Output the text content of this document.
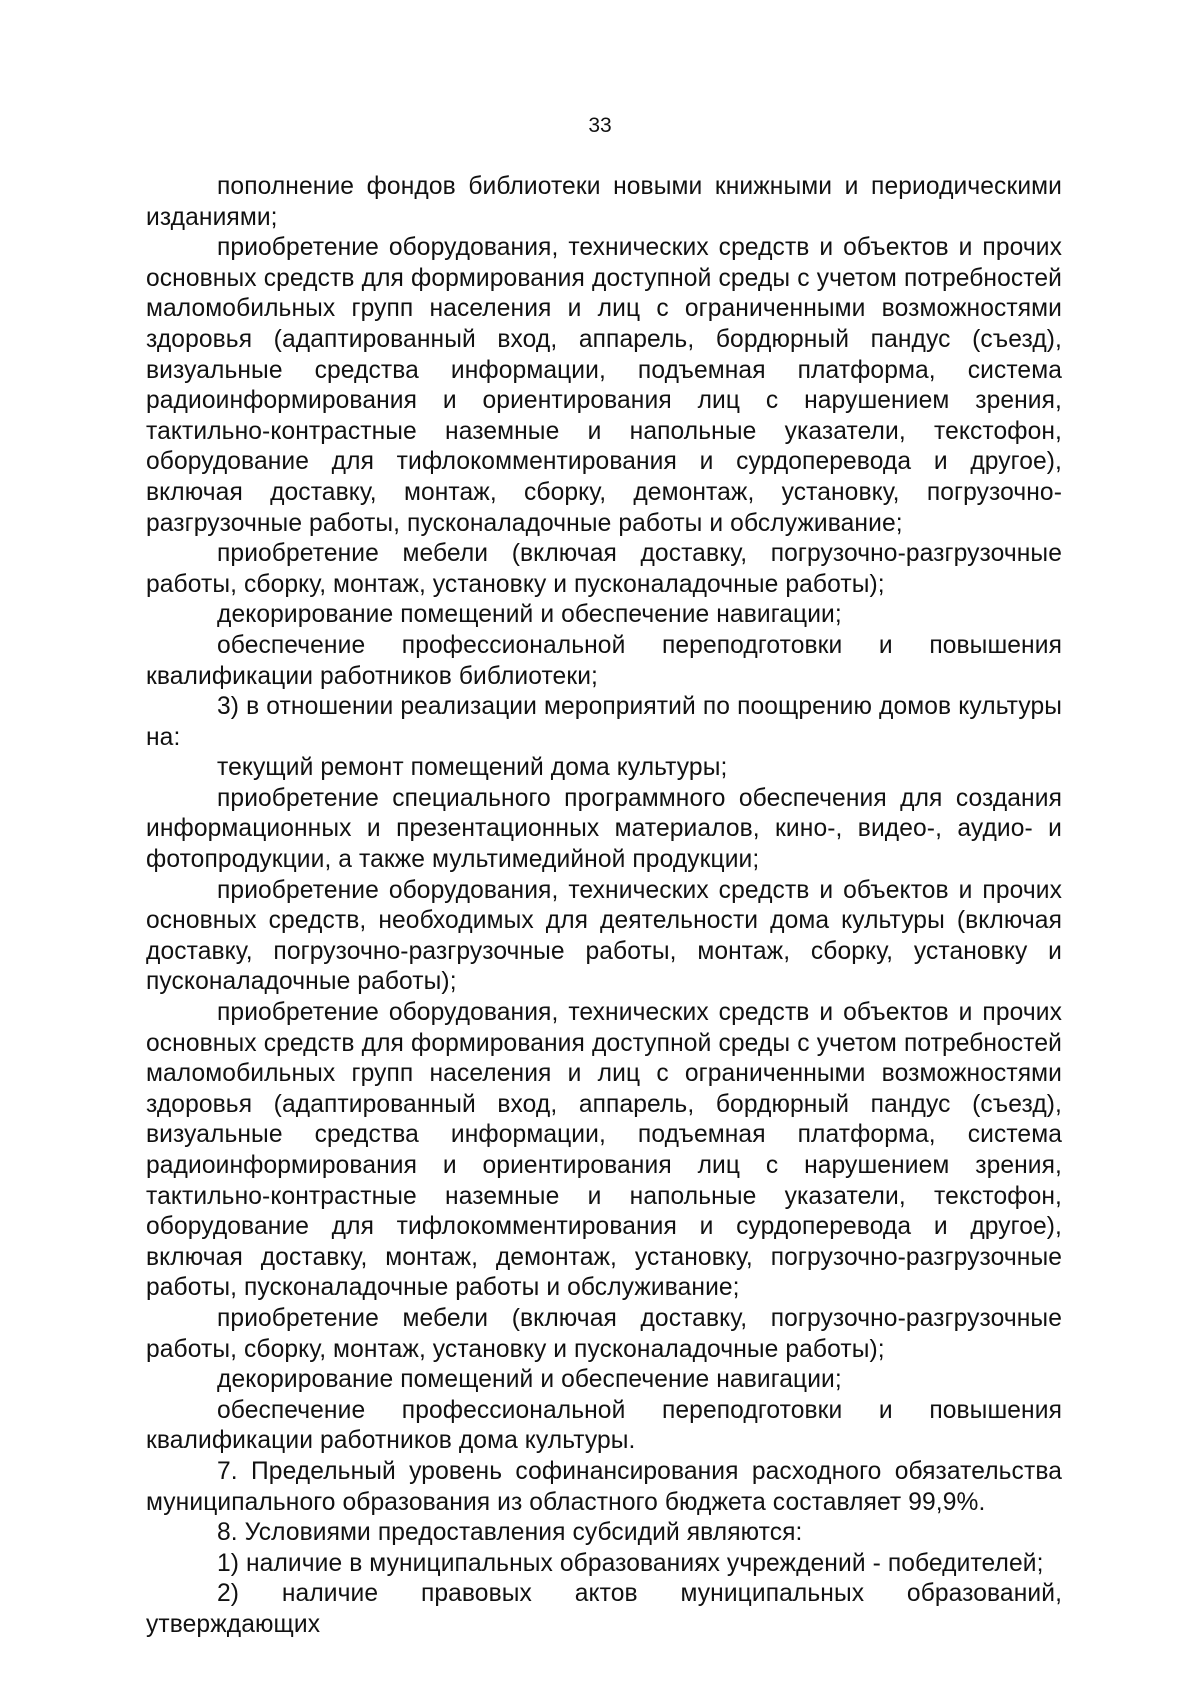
33

пополнение фондов библиотеки новыми книжными и периодическими изданиями;

приобретение оборудования, технических средств и объектов и прочих основных средств для формирования доступной среды с учетом потребностей маломобильных групп населения и лиц с ограниченными возможностями здоровья (адаптированный вход, аппарель, бордюрный пандус (съезд), визуальные средства информации, подъемная платформа, система радиоинформирования и ориентирования лиц с нарушением зрения, тактильно-контрастные наземные и напольные указатели, текстофон, оборудование для тифлокомментирования и сурдоперевода и другое), включая доставку, монтаж, сборку, демонтаж, установку, погрузочно-разгрузочные работы, пусконаладочные работы и обслуживание;

приобретение мебели (включая доставку, погрузочно-разгрузочные работы, сборку, монтаж, установку и пусконаладочные работы);

декорирование помещений и обеспечение навигации;

обеспечение профессиональной переподготовки и повышения квалификации работников библиотеки;

3) в отношении реализации мероприятий по поощрению домов культуры на:

текущий ремонт помещений дома культуры;

приобретение специального программного обеспечения для создания информационных и презентационных материалов, кино-, видео-, аудио- и фотопродукции, а также мультимедийной продукции;

приобретение оборудования, технических средств и объектов и прочих основных средств, необходимых для деятельности дома культуры (включая доставку, погрузочно-разгрузочные работы, монтаж, сборку, установку и пусконаладочные работы);

приобретение оборудования, технических средств и объектов и прочих основных средств для формирования доступной среды с учетом потребностей маломобильных групп населения и лиц с ограниченными возможностями здоровья (адаптированный вход, аппарель, бордюрный пандус (съезд), визуальные средства информации, подъемная платформа, система радиоинформирования и ориентирования лиц с нарушением зрения, тактильно-контрастные наземные и напольные указатели, текстофон, оборудование для тифлокомментирования и сурдоперевода и другое), включая доставку, монтаж, демонтаж, установку, погрузочно-разгрузочные работы, пусконаладочные работы и обслуживание;

приобретение мебели (включая доставку, погрузочно-разгрузочные работы, сборку, монтаж, установку и пусконаладочные работы);

декорирование помещений и обеспечение навигации;

обеспечение профессиональной переподготовки и повышения квалификации работников дома культуры.

7. Предельный уровень софинансирования расходного обязательства муниципального образования из областного бюджета составляет 99,9%.

8. Условиями предоставления субсидий являются:

1) наличие в муниципальных образованиях учреждений - победителей;

2) наличие правовых актов муниципальных образований, утверждающих
